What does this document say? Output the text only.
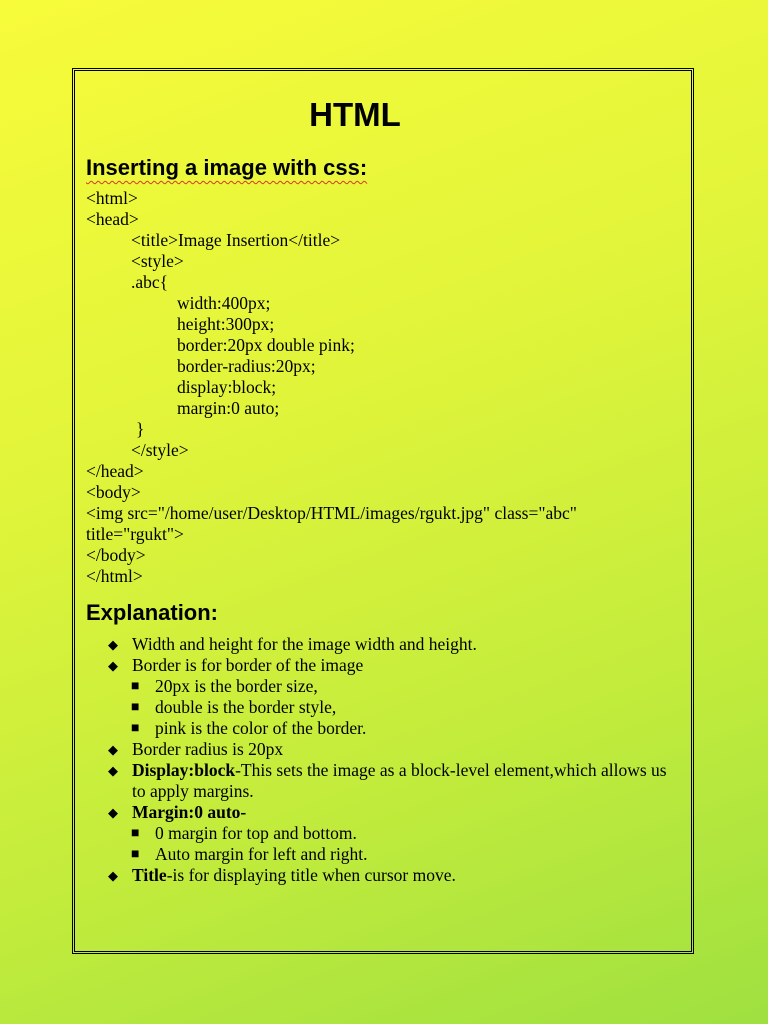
HTML
Inserting a image with css:
<html>
<head>
<title>Image Insertion</title>
<style>
.abc{
width:400px;
height:300px;
border:20px double pink;
border-radius:20px;
display:block;
margin:0 auto;
}
</style>
</head>
<body>
<img src="/home/user/Desktop/HTML/images/rgukt.jpg" class="abc" title="rgukt">
</body>
</html>
Explanation:
◆ Width and height for the image width and height.
◆ Border is for border of the image
■ 20px is the border size,
■ double is the border style,
■ pink is the color of the border.
◆ Border radius is 20px
◆ Display:block-This sets the image as a block-level element,which allows us to apply margins.
◆ Margin:0 auto-
■ 0 margin for top and bottom.
■ Auto margin for left and right.
◆ Title-is for displaying title when cursor move.
